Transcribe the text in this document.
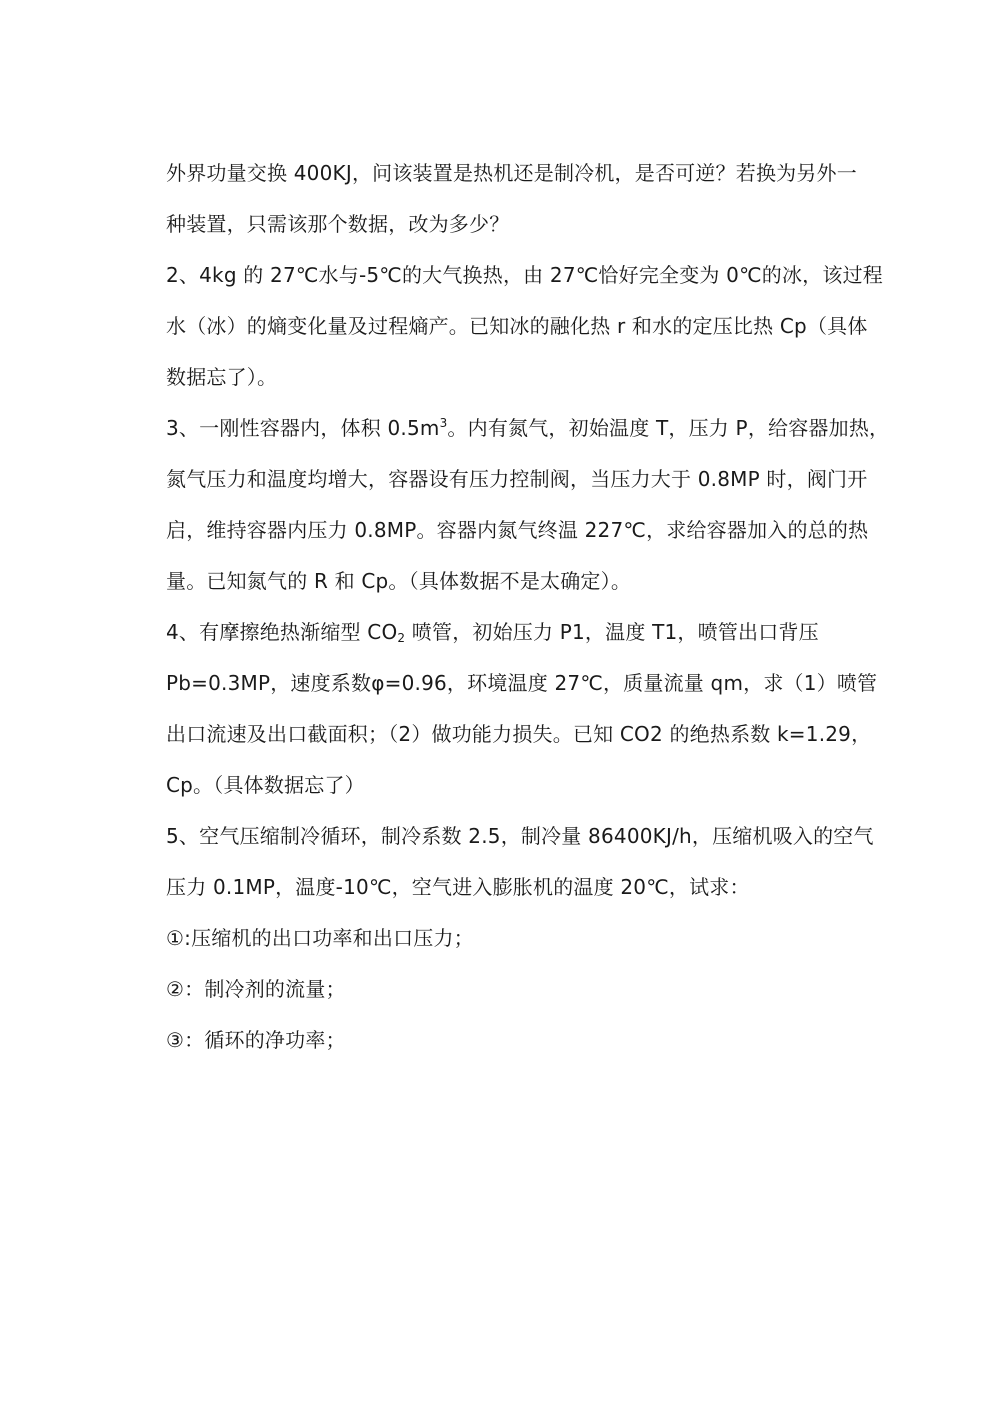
外界功量交换 400KJ，问该装置是热机还是制冷机，是否可逆？若换为另外一
种装置，只需该那个数据，改为多少？
2、4kg 的 27℃水与-5℃的大气换热，由 27℃恰好完全变为 0℃的冰，该过程
水（冰）的熵变化量及过程熵产。已知冰的融化热 r 和水的定压比热 Cp（具体
数据忘了）。
3、一刚性容器内，体积 $0.5m^3$。内有氮气，初始温度 T，压力 P，给容器加热，
氮气压力和温度均增大，容器设有压力控制阀，当压力大于 0.8MP 时，阀门开
启，维持容器内压力 0.8MP。容器内氮气终温 227℃，求给容器加入的总的热
量。已知氮气的 R 和 Cp。（具体数据不是太确定）。
4、有摩擦绝热渐缩型 $CO_2$ 喷管，初始压力 P1，温度 T1，喷管出口背压
Pb=0.3MP，速度系数φ=0.96，环境温度 27℃，质量流量 qm，求（1）喷管
出口流速及出口截面积；（2）做功能力损失。已知 CO2 的绝热系数 k=1.29，
Cp。（具体数据忘了）
5、空气压缩制冷循环，制冷系数 2.5，制冷量 86400KJ/h，压缩机吸入的空气
压力 0.1MP，温度-10℃，空气进入膨胀机的温度 20℃，试求：
①:压缩机的出口功率和出口压力；
②：制冷剂的流量；
③：循环的净功率；
